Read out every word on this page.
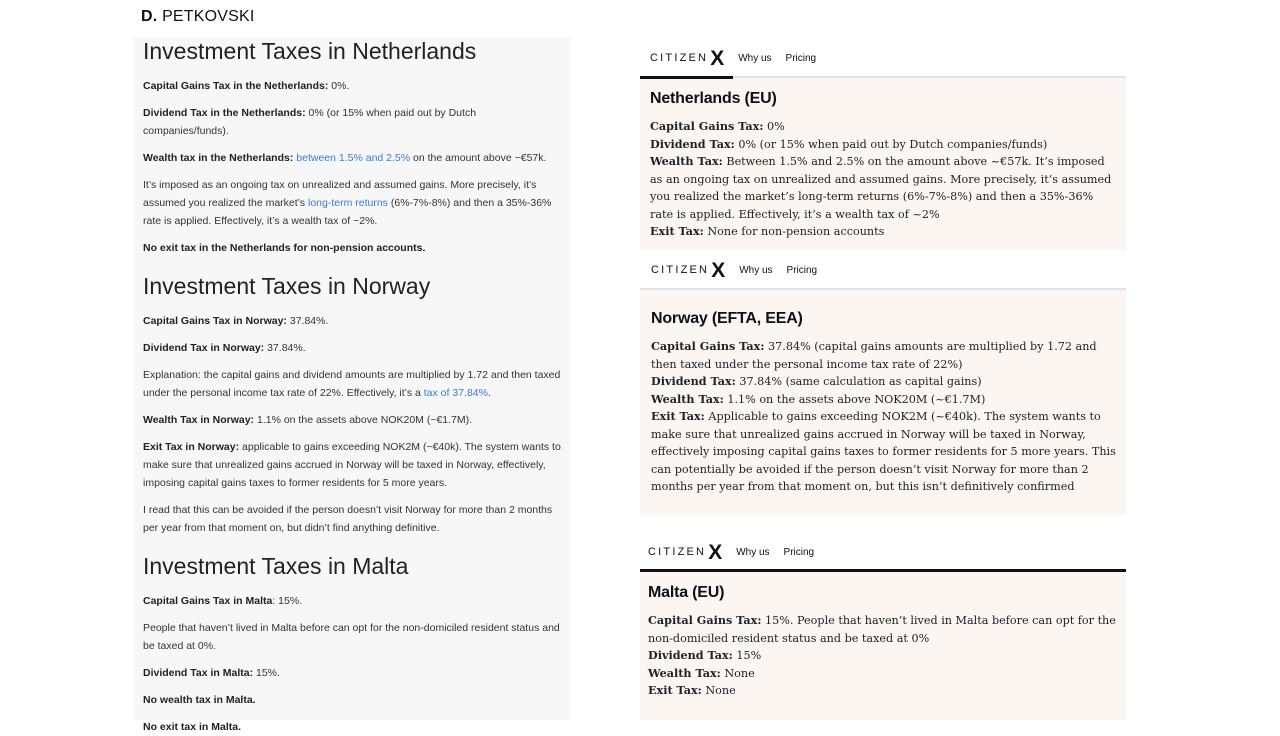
D. PETKOVSKI
Investment Taxes in Netherlands

Capital Gains Tax in the Netherlands: 0%.

Dividend Tax in the Netherlands: 0% (or 15% when paid out by Dutch companies/funds).

Wealth tax in the Netherlands: between 1.5% and 2.5% on the amount above ~€57k.

It’s imposed as an ongoing tax on unrealized and assumed gains. More precisely, it’s assumed you realized the market’s long-term returns (6%-7%-8%) and then a 35%-36% rate is applied. Effectively, it’s a wealth tax of ~2%.

No exit tax in the Netherlands for non-pension accounts.

Investment Taxes in Norway

Capital Gains Tax in Norway: 37.84%.

Dividend Tax in Norway: 37.84%.

Explanation: the capital gains and dividend amounts are multiplied by 1.72 and then taxed under the personal income tax rate of 22%. Effectively, it’s a tax of 37.84%.

Wealth Tax in Norway: 1.1% on the assets above NOK20M (~€1.7M).

Exit Tax in Norway: applicable to gains exceeding NOK2M (~€40k). The system wants to make sure that unrealized gains accrued in Norway will be taxed in Norway, effectively, imposing capital gains taxes to former residents for 5 more years.

I read that this can be avoided if the person doesn’t visit Norway for more than 2 months per year from that moment on, but didn’t find anything definitive.

Investment Taxes in Malta

Capital Gains Tax in Malta: 15%.

People that haven’t lived in Malta before can opt for the non-domiciled resident status and be taxed at 0%.

Dividend Tax in Malta: 15%.

No wealth tax in Malta.

No exit tax in Malta.

CITIZEN X Why us Pricing
Netherlands (EU)

Capital Gains Tax: 0%

Dividend Tax: 0% (or 15% when paid out by Dutch companies/funds)

Wealth Tax: Between 1.5% and 2.5% on the amount above ~€57k. It’s imposed as an ongoing tax on unrealized and assumed gains. More precisely, it’s assumed you realized the market’s long-term returns (6%-7%-8%) and then a 35%-36% rate is applied. Effectively, it’s a wealth tax of ~2%

Exit Tax: None for non-pension accounts

CITIZEN X Why us Pricing
Norway (EFTA, EEA)

Capital Gains Tax: 37.84% (capital gains amounts are multiplied by 1.72 and then taxed under the personal income tax rate of 22%)

Dividend Tax: 37.84% (same calculation as capital gains)

Wealth Tax: 1.1% on the assets above NOK20M (~€1.7M)

Exit Tax: Applicable to gains exceeding NOK2M (~€40k). The system wants to make sure that unrealized gains accrued in Norway will be taxed in Norway, effectively imposing capital gains taxes to former residents for 5 more years. This can potentially be avoided if the person doesn’t visit Norway for more than 2 months per year from that moment on, but this isn’t definitively confirmed

CITIZEN X Why us Pricing
Malta (EU)

Capital Gains Tax: 15%. People that haven’t lived in Malta before can opt for the non-domiciled resident status and be taxed at 0%

Dividend Tax: 15%

Wealth Tax: None

Exit Tax: None
